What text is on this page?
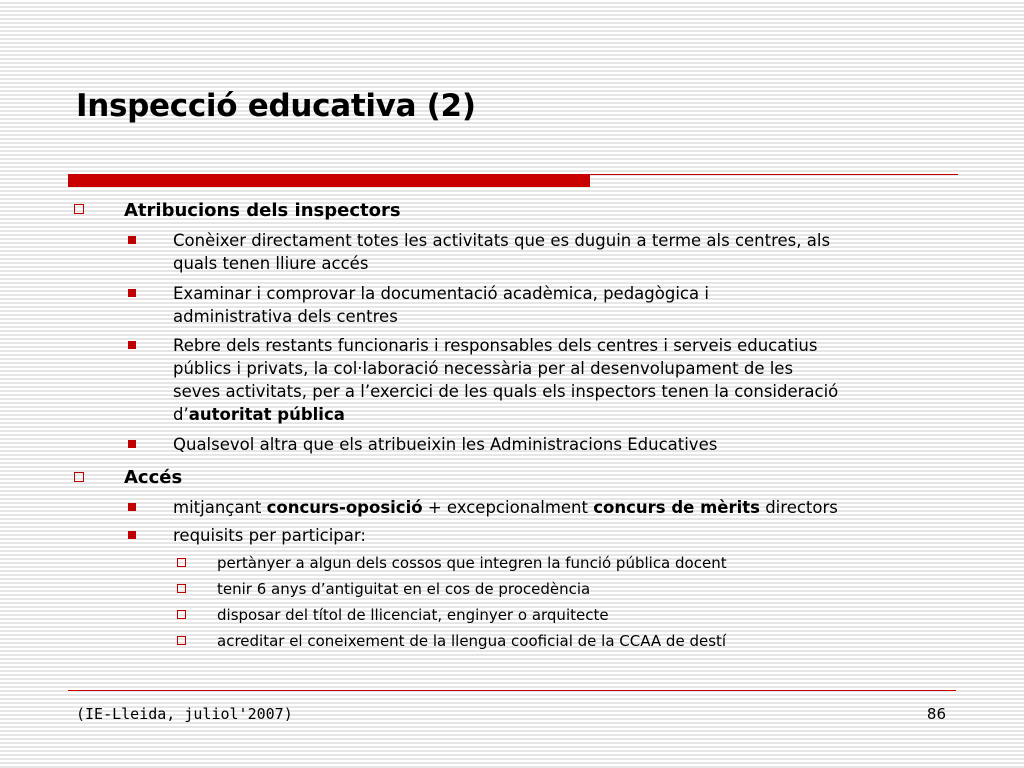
Inspecció educativa (2)
Atribucions dels inspectors
Conèixer directament totes les activitats que es duguin a terme als centres, als
quals tenen lliure accés
Examinar i comprovar la documentació acadèmica, pedagògica i
administrativa dels centres
Rebre dels restants funcionaris i responsables dels centres i serveis educatius
públics i privats, la col·laboració necessària per al desenvolupament de les
seves activitats, per a l’exercici de les quals els inspectors tenen la consideració
d’autoritat pública
Qualsevol altra que els atribueixin les Administracions Educatives
Accés
mitjançant concurs-oposició + excepcionalment concurs de mèrits directors
requisits per participar:
pertànyer a algun dels cossos que integren la funció pública docent
tenir 6 anys d’antiguitat en el cos de procedència
disposar del títol de llicenciat, enginyer o arquitecte
acreditar el coneixement de la llengua cooficial de la CCAA de destí
(IE-Lleida, juliol'2007)	86
